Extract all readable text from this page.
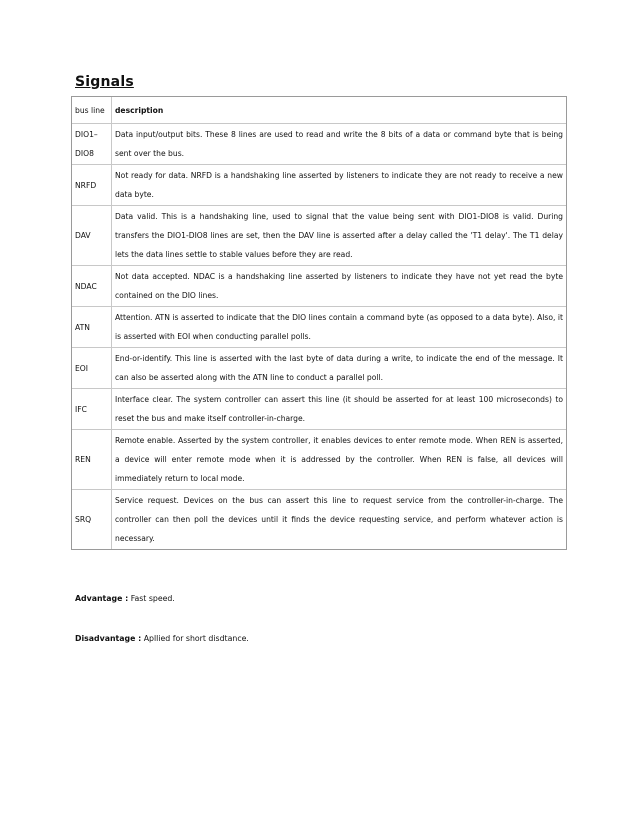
Signals
bus line	description
DIO1–DIO8	Data input/output bits. These 8 lines are used to read and write the 8 bits of a data or command byte that is being sent over the bus.
NRFD	Not ready for data. NRFD is a handshaking line asserted by listeners to indicate they are not ready to receive a new data byte.
DAV	Data valid. This is a handshaking line, used to signal that the value being sent with DIO1-DIO8 is valid. During transfers the DIO1-DIO8 lines are set, then the DAV line is asserted after a delay called the 'T1 delay'. The T1 delay lets the data lines settle to stable values before they are read.
NDAC	Not data accepted. NDAC is a handshaking line asserted by listeners to indicate they have not yet read the byte contained on the DIO lines.
ATN	Attention. ATN is asserted to indicate that the DIO lines contain a command byte (as opposed to a data byte). Also, it is asserted with EOI when conducting parallel polls.
EOI	End-or-identify. This line is asserted with the last byte of data during a write, to indicate the end of the message. It can also be asserted along with the ATN line to conduct a parallel poll.
IFC	Interface clear. The system controller can assert this line (it should be asserted for at least 100 microseconds) to reset the bus and make itself controller-in-charge.
REN	Remote enable. Asserted by the system controller, it enables devices to enter remote mode. When REN is asserted, a device will enter remote mode when it is addressed by the controller. When REN is false, all devices will immediately return to local mode.
SRQ	Service request. Devices on the bus can assert this line to request service from the controller-in-charge. The controller can then poll the devices until it finds the device requesting service, and perform whatever action is necessary.
Advantage : Fast speed.
Disadvantage : Apllied for short disdtance.
